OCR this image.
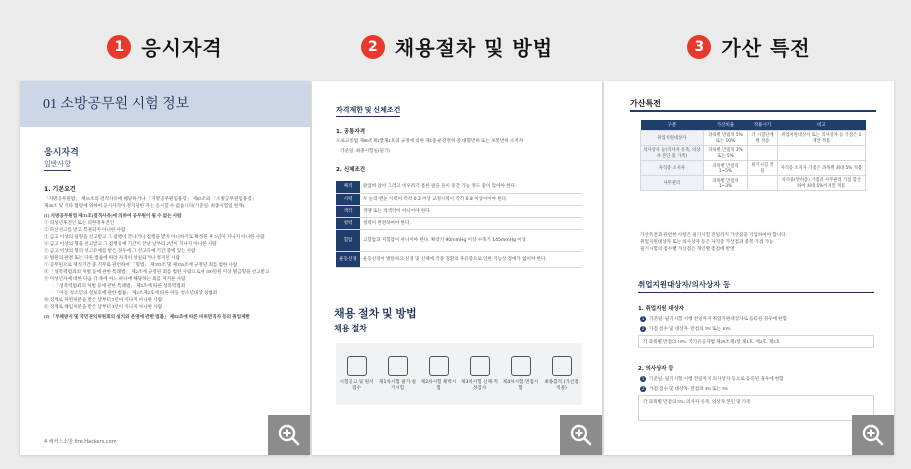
1 응시자격
01 소방공무원 시험 정보
응시자격
일반사항
1. 기본요건
「지방공무원법」 제31조의 결격사유에 해당하거나 「지방공무원임용령」 제65조와 「소방공무원임용령」
제46조 및 기타 법령에 의하여 응시자격이 정지당한 자는 응시할 수 없습니다(기준일: 최종시험일 현재).
(1) 지방공무원법 제31조(결격사유)에 의하여 공무원이 될 수 없는 사람
① 피성년후견인 또는 피한정후견인
② 파산선고를 받고 복권되지 아니한 사람
③ 금고 이상의 실형을 선고받고 그 집행이 끝나거나 집행을 받지 아니하기로 확정된 후 5년이 지나지 아니한 사람
④ 금고 이상의 형을 선고받고 그 집행유예 기간이 끝난 날부터 2년이 지나지 아니한 사람
⑤ 금고 이상의 형의 선고유예를 받은 경우에 그 선고유예 기간 중에 있는 사람
⑥ 법원의 판결 또는 다른 법률에 따라 자격이 상실되거나 정지된 사람
⑦ 공무원으로 재직기간 중 직무와 관련하여 「형법」 제355조 및 제356조에 규정된 죄를 범한 사람
⑧ 「성폭력범죄의 처벌 등에 관한 특례법」 제2조에 규정된 죄를 범한 사람으로서 100만원 이상 벌금형을 선고받고
⑨ 미성년자에 대한 다음 각 목에 어느 하나에 해당하는 죄를 저지른 사람
· 「성폭력범죄의 처벌 등에 관한 특례법」 제2조에 따른 성폭력범죄
· 「아동·청소년의 성보호에 관한 법률」 제2조제2호에 따른 아동·청소년대상 성범죄
⑩ 징계로 파면처분을 받은 날부터 5년이 지나지 아니한 사람
⑪ 징계로 해임처분을 받은 날부터 3년이 지나지 아니한 사람
(2) 「부패방지 및 국민권익위원회의 설치와 운영에 관한 법률」 제82조에 따른 비위면직자 등의 취업제한
4 해커스소방 fire.Hackers.com
2 채용절차 및 방법
자격제한 및 신체조건
1. 공통자격
도로교통법 제80조제2항제1호의 규정에 의한 제1종 운전면허 중 대형면허 또는 보통면허 소지자
기준일: 최종시험일(필기)
2. 신체조건
체격	팔굽혀 앉아 그리고 비우려기 흠한 팔을 돌이 중간 가능 정도 좋이 않아야 한다.
시력	두 눈의 맨눈 시력이 각각 0.3 이상 교정시력이 각각 0.8 이상이어야 한다.
색각	색맹 또는 적색약이 아니어야 한다.
청력	청력이 완전하여야 한다.
혈압	고혈압과 저혈압이 아니어야 한다. 확장기 90mmHg 이상 수축기 145mmHg 이상
운동신경	운동신경이 발달하고 신경 및 신체에 각종 질환의 후유증으로 인한 기능상 장애가 없어야 한다.
채용 절차 및 방법
채용 절차
시험공고 및 원서접수
제1차시험 필기·실기시험
제2차시험 체력시험
제3차시험 신체·적성검사
제4차시험 면접시험
최종합격 (가산점 적용)
3 가산 특전
가산특전
구분	가산비율	적용시기	비고
취업지원대상자	과목별 만점의 5% 또는 10%	각 시험단계별 적용	취업지원대상자 또는 의사상자 등 가점은 1개만 적용
의사상자 등(의사자 유족, 의상자 본인 및 가족)	과목별 만점의 3% 또는 5%		
자격증 소지자	과목별 만점의 1~5%	필기시험 적용	자격증 소지자 가점은 과목별 최대 5% 적용
사무관리	과목별 만점의 1~3%		자격증(면허증) 가점과 사무관리 가점 합산하여 최대 5%까지만 적용
가산특전과 관련한 사항은 필기시험 전일까지 가산점을 기입하여야 합니다.
취업지원대상자 또는 의사상자 등은 자격증 가산점과 중복 가점 가능
필기시험의 점수별 가산점은 개인별 총점에 반영
취업지원대상자/의사상자 등
1. 취업지원 대상자
1	기준일: 필기시험 시행 전일까지 취업지원대상자로 등록된 경우에 한함
2	가점 점수 및 대상자: 만점의 5% 또는 10%
각 과목별 만점의 10%: 국가유공자법 제29조제1항 제1호, 제2호, 제3호
2. 의사상자 등
1	기준일: 필기시험 시행 전일까지 의사상자 등으로 등록된 경우에 한함
2	가점 점수 및 대상자: 만점의 3% 또는 5%
각 과목별 만점의 5%: 의사자 유족, 의상자 본인 및 가족
